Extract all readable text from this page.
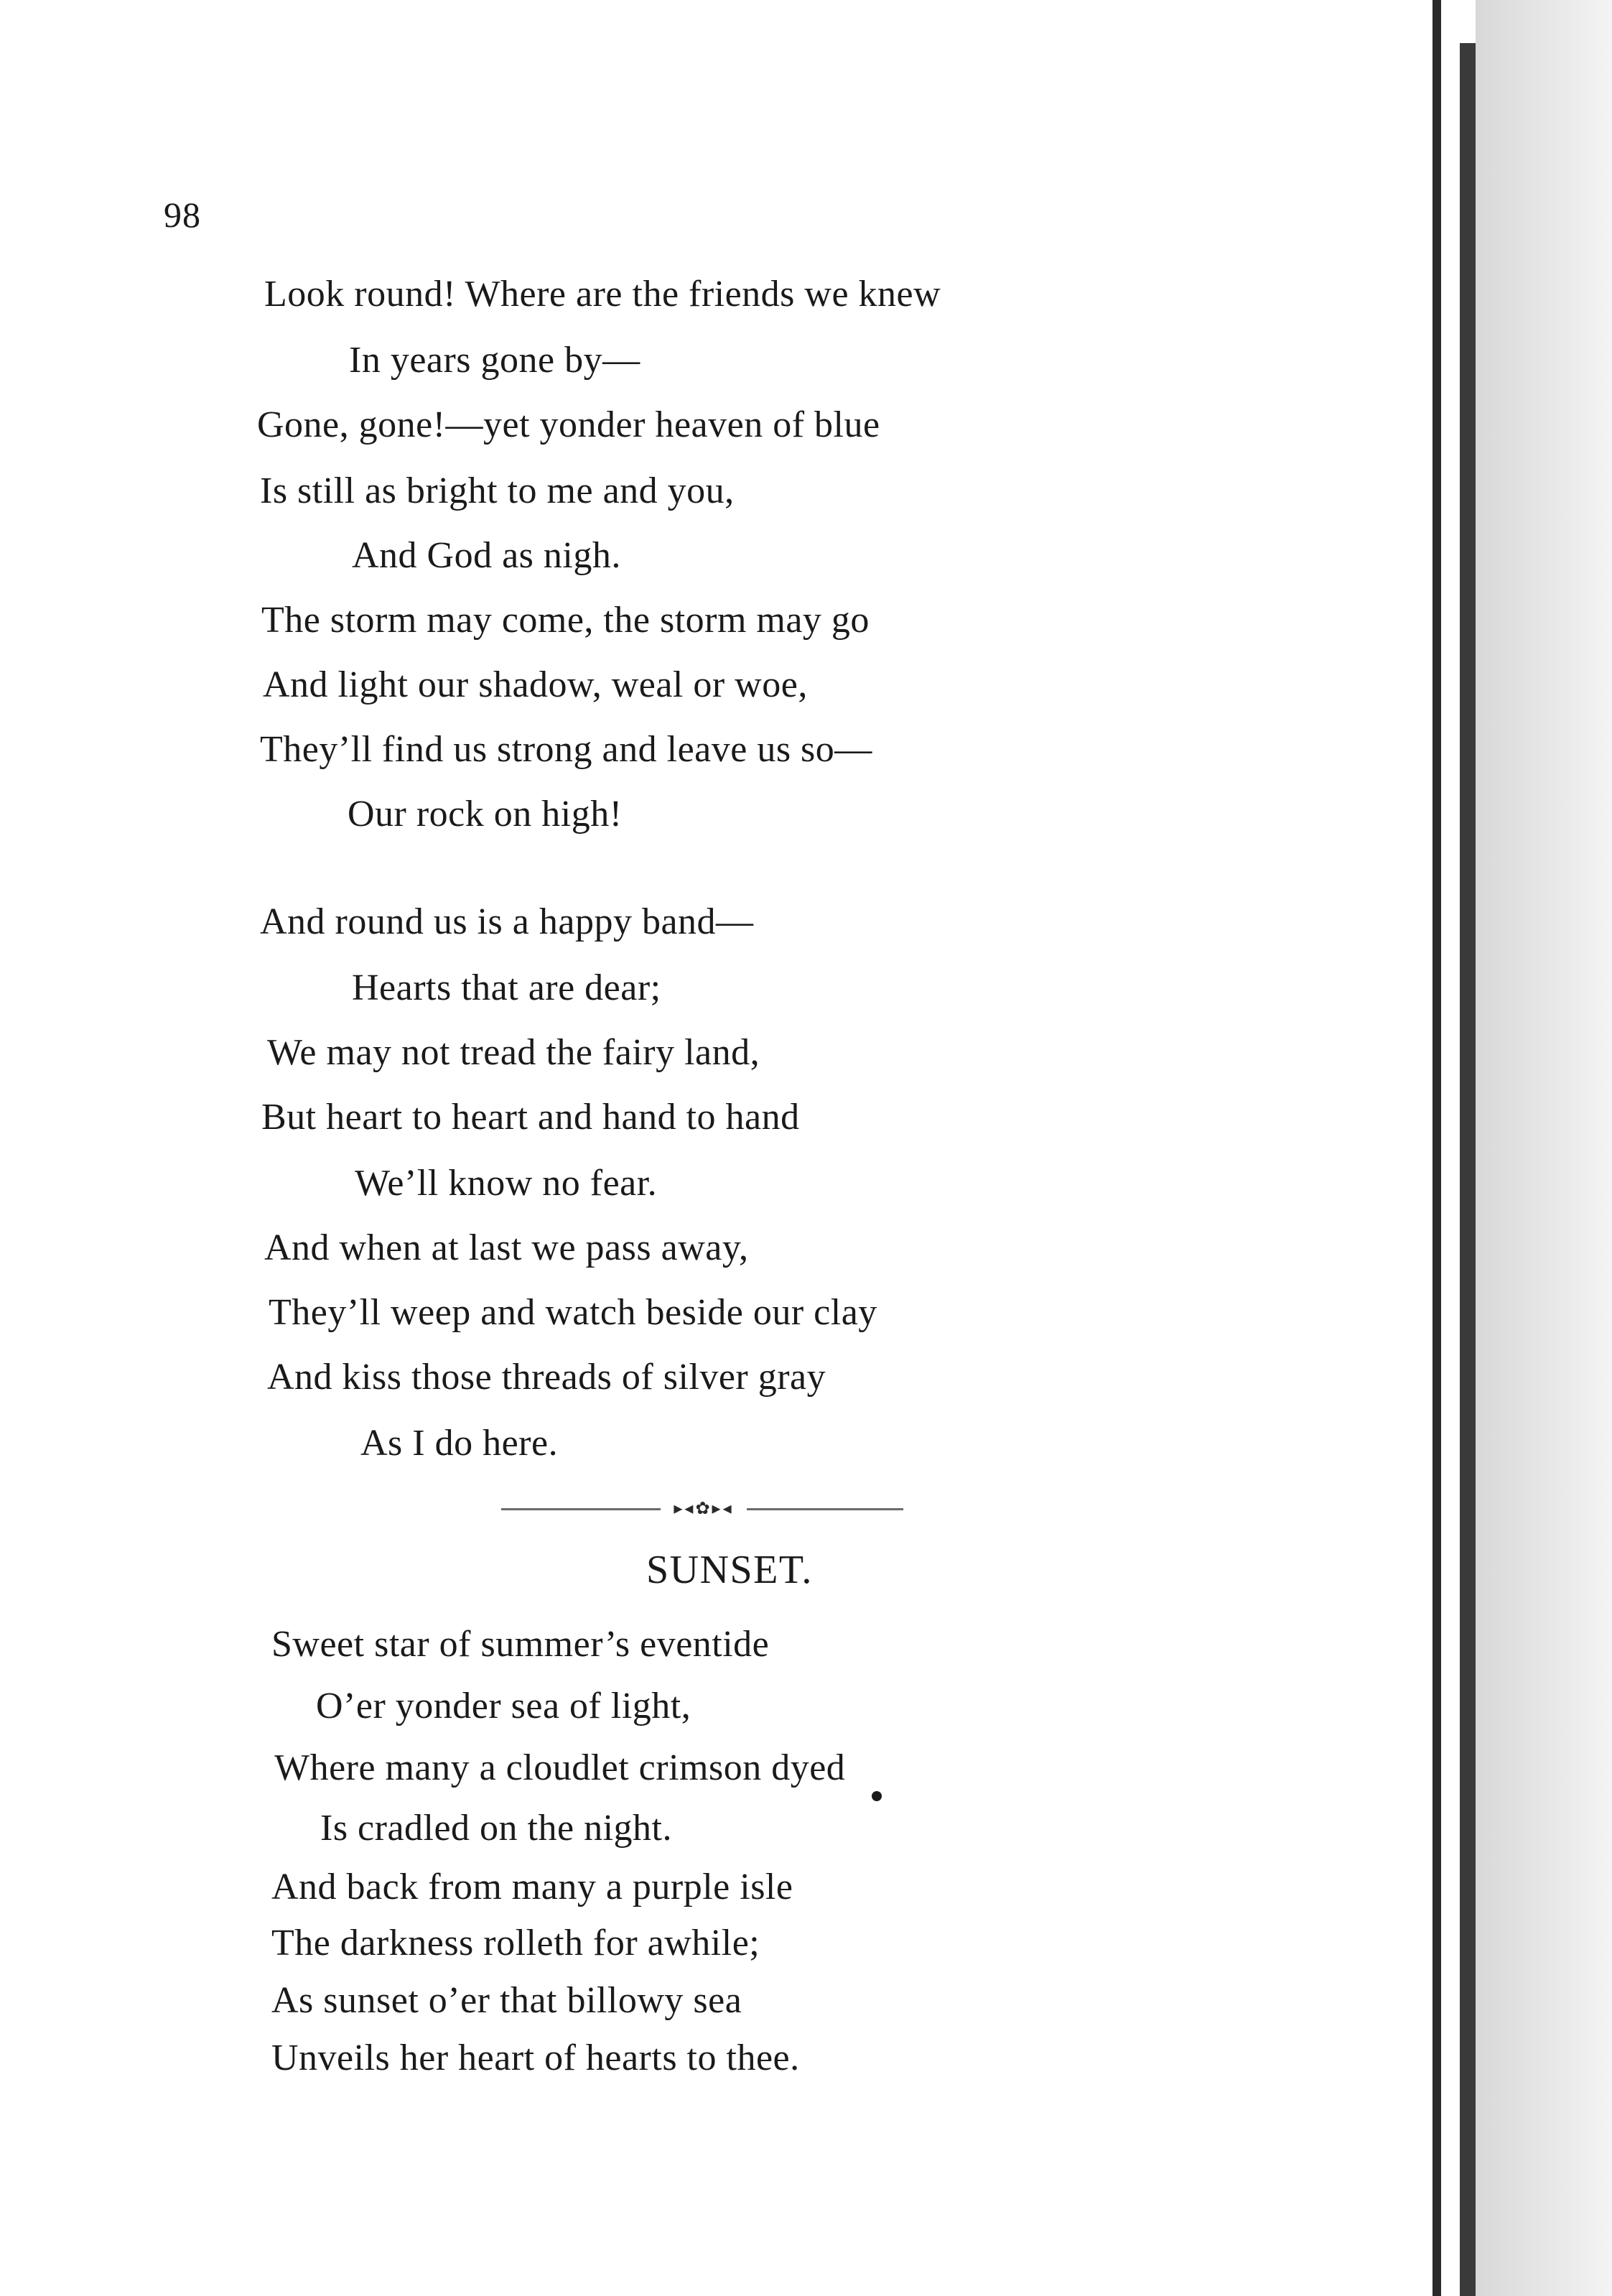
98
Look round! Where are the friends we knew
In years gone by—
Gone, gone!—yet yonder heaven of blue
Is still as bright to me and you,
And God as nigh.
The storm may come, the storm may go
And light our shadow, weal or woe,
They’ll find us strong and leave us so—
Our rock on high!
And round us is a happy band—
Hearts that are dear;
We may not tread the fairy land,
But heart to heart and hand to hand
We’ll know no fear.
And when at last we pass away,
They’ll weep and watch beside our clay
And kiss those threads of silver gray
As I do here.
▸◂✿▸◂
SUNSET.
Sweet star of summer’s eventide
O’er yonder sea of light,
Where many a cloudlet crimson dyed
Is cradled on the night.
And back from many a purple isle
The darkness rolleth for awhile;
As sunset o’er that billowy sea
Unveils her heart of hearts to thee.
